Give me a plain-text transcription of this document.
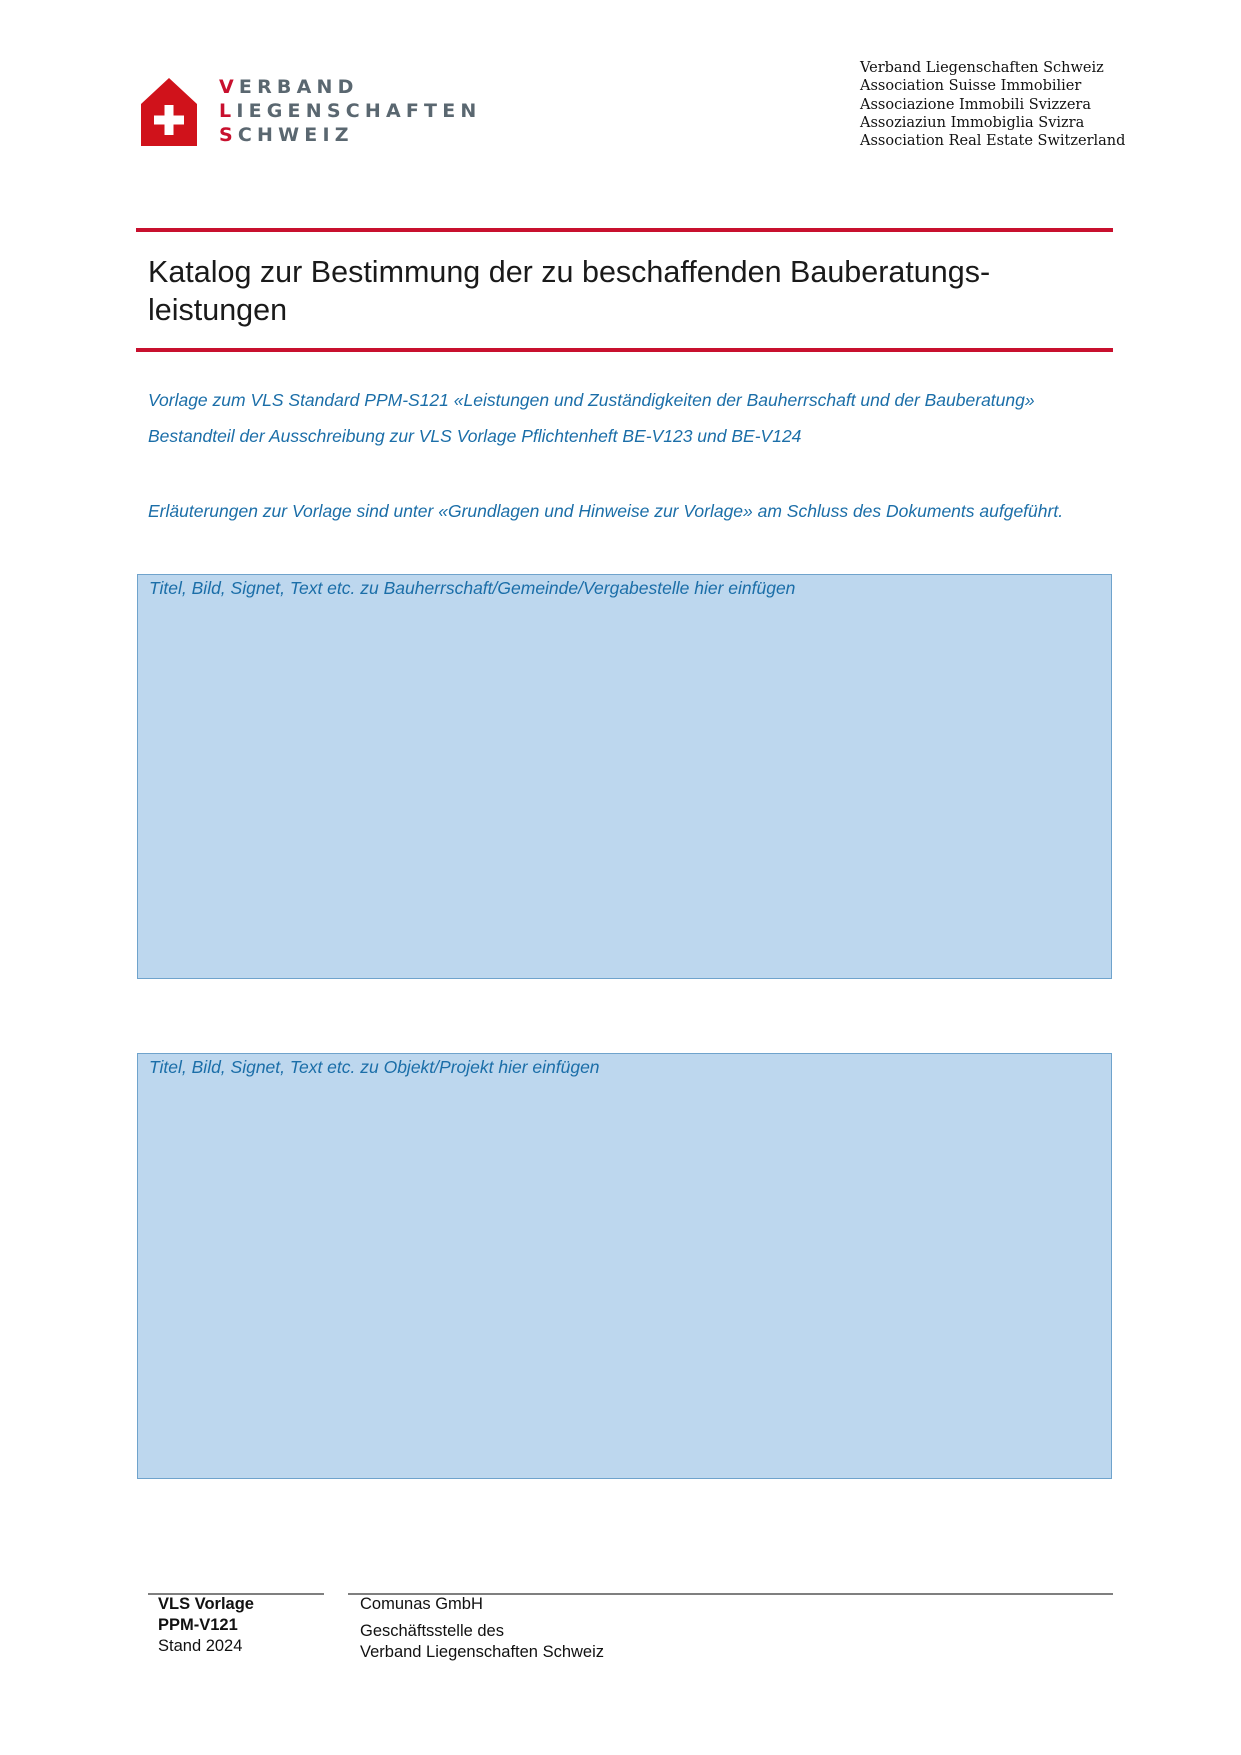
VERBAND
LIEGENSCHAFTEN
SCHWEIZ
Verband Liegenschaften Schweiz
Association Suisse Immobilier
Associazione Immobili Svizzera
Assoziaziun Immobiglia Svizra
Association Real Estate Switzerland
Katalog zur Bestimmung der zu beschaffenden Bauberatungs-
leistungen
Vorlage zum VLS Standard PPM-S121 «Leistungen und Zuständigkeiten der Bauherrschaft und der Bauberatung»
Bestandteil der Ausschreibung zur VLS Vorlage Pflichtenheft BE-V123 und BE-V124
Erläuterungen zur Vorlage sind unter «Grundlagen und Hinweise zur Vorlage» am Schluss des Dokuments aufgeführt.
Titel, Bild, Signet, Text etc. zu Bauherrschaft/Gemeinde/Vergabestelle hier einfügen
Titel, Bild, Signet, Text etc. zu Objekt/Projekt hier einfügen
VLS Vorlage
PPM-V121
Stand 2024
Comunas GmbH
Geschäftsstelle des
Verband Liegenschaften Schweiz
